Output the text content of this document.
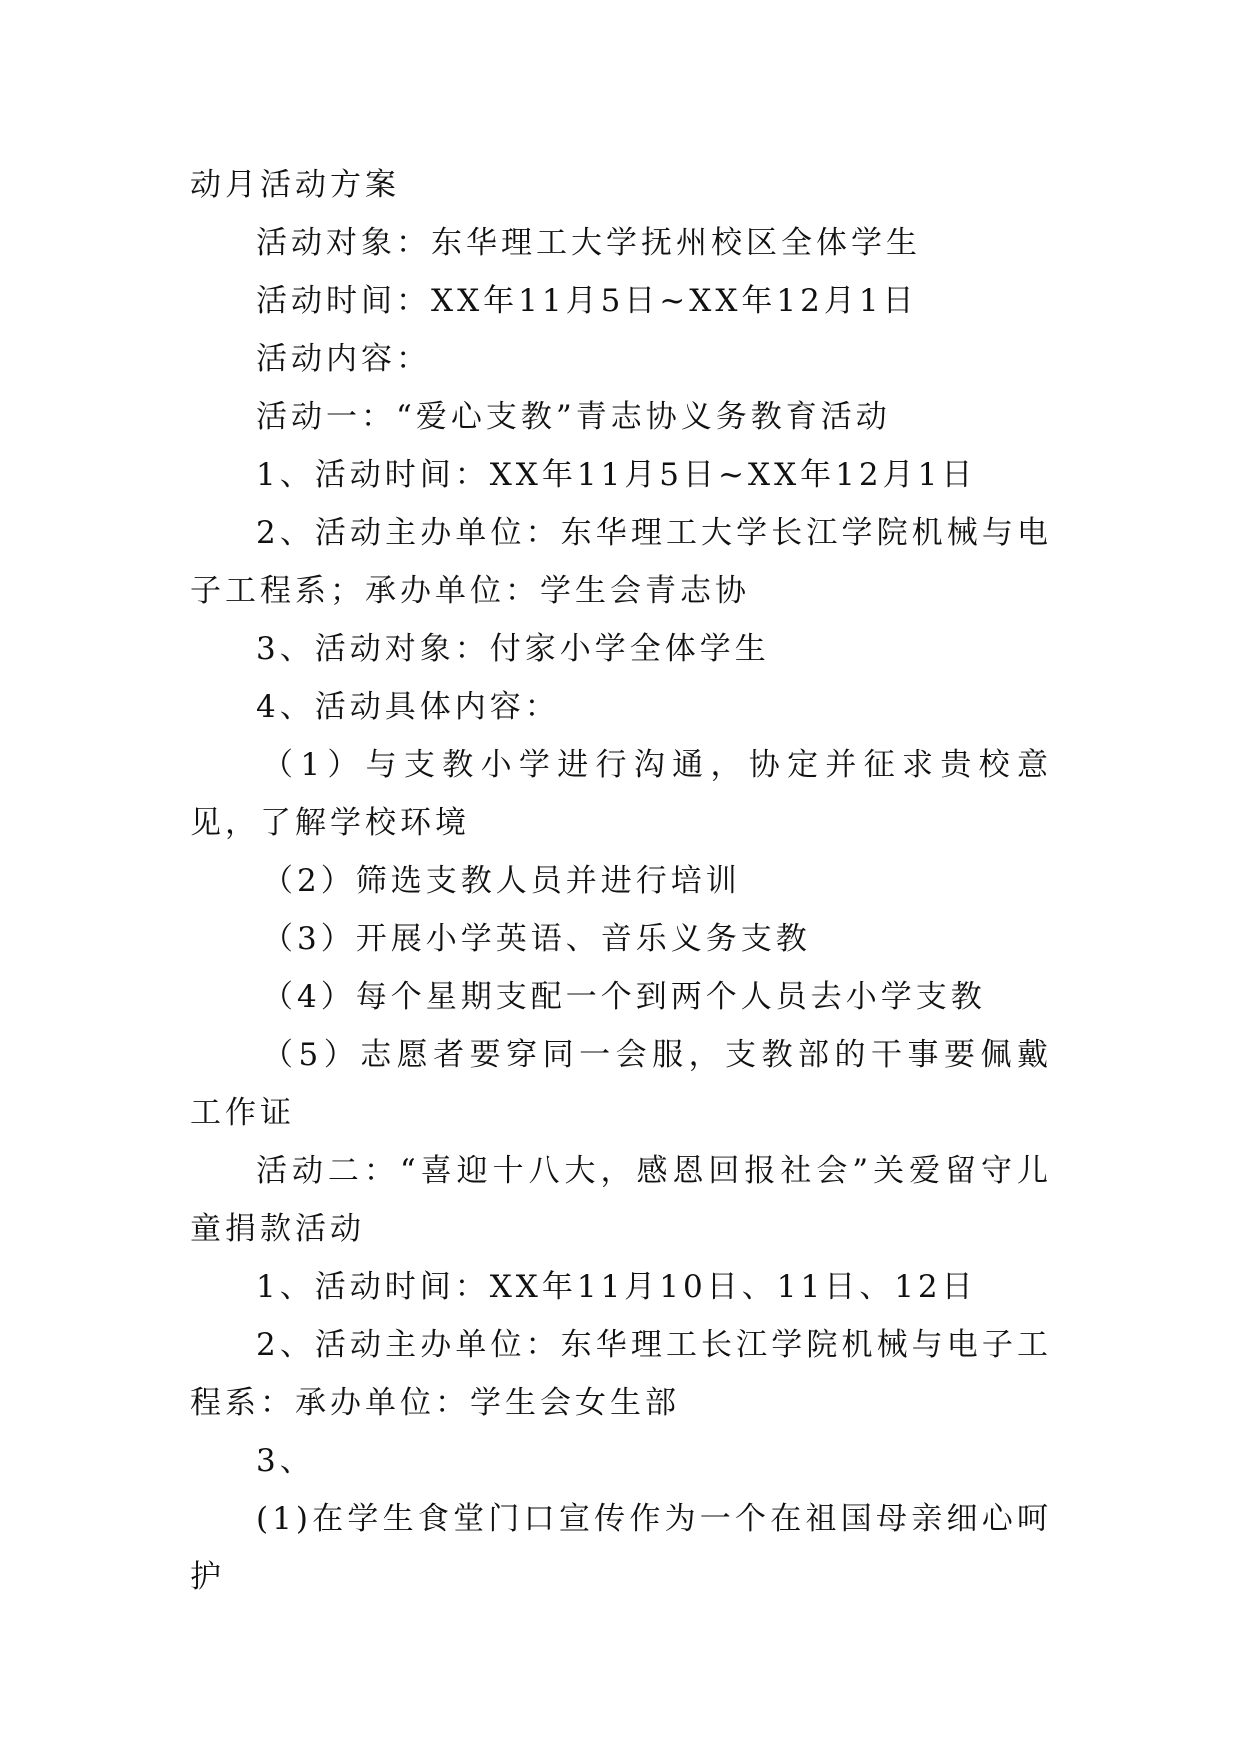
动月活动方案

活动对象：东华理工大学抚州校区全体学生

活动时间：XX年11月5日~XX年12月1日

活动内容：

活动一：“爱心支教”青志协义务教育活动

1、活动时间：XX年11月5日~XX年12月1日

2、活动主办单位：东华理工大学长江学院机械与电子工程系；承办单位：学生会青志协

3、活动对象：付家小学全体学生

4、活动具体内容：

（1）与支教小学进行沟通，协定并征求贵校意见，了解学校环境

（2）筛选支教人员并进行培训

（3）开展小学英语、音乐义务支教

（4）每个星期支配一个到两个人员去小学支教

（5）志愿者要穿同一会服，支教部的干事要佩戴工作证

活动二：“喜迎十八大，感恩回报社会”关爱留守儿童捐款活动

1、活动时间：XX年11月10日、11日、12日

2、活动主办单位：东华理工长江学院机械与电子工程系：承办单位：学生会女生部

3、

(1)在学生食堂门口宣传作为一个在祖国母亲细心呵护
